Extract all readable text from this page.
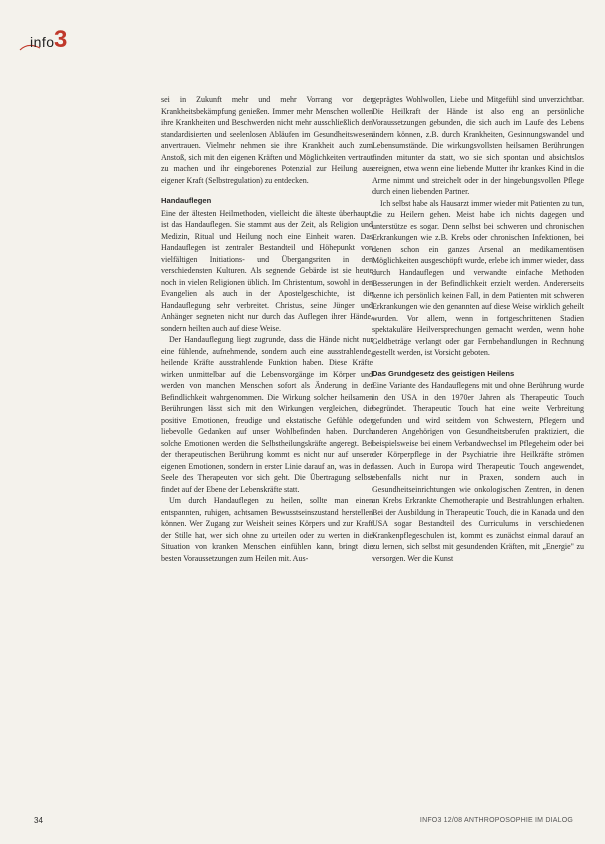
info 3

sei in Zukunft mehr und mehr Vorrang vor der Krankheitsbekämpfung genießen. Immer mehr Menschen wollen ihre Krankheiten und Beschwerden nicht mehr ausschließlich den standardisierten und seelenlosen Abläufen im Gesundheitswesen anvertrauen. Vielmehr nehmen sie ihre Krankheit auch zum Anstoß, sich mit den eigenen Kräften und Möglichkeiten vertraut zu machen und ihr eingeborenes Potenzial zur Heilung aus eigener Kraft (Selbstregulation) zu entdecken.

Handauflegen

Eine der ältesten Heilmethoden, vielleicht die älteste überhaupt, ist das Handauflegen. Sie stammt aus der Zeit, als Religion und Medizin, Ritual und Heilung noch eine Einheit waren. Das Handauflegen ist zentraler Bestandteil und Höhepunkt von vielfältigen Initiations- und Übergangsriten in den verschiedensten Kulturen. Als segnende Gebärde ist sie heute noch in vielen Religionen üblich. Im Christentum, sowohl in den Evangelien als auch in der Apostelgeschichte, ist die Handauflegung sehr verbreitet. Christus, seine Jünger und Anhänger segneten nicht nur durch das Auflegen ihrer Hände, sondern heilten auch auf diese Weise.

Der Handauflegung liegt zugrunde, dass die Hände nicht nur eine fühlende, aufnehmende, sondern auch eine ausstrahlende, heilende Kräfte ausstrahlende Funktion haben. Diese Kräfte wirken unmittelbar auf die Lebensvorgänge im Körper und werden von manchen Menschen sofort als Änderung in der Befindlichkeit wahrgenommen. Die Wirkung solcher heilsamen Berührungen lässt sich mit den Wirkungen vergleichen, die positive Emotionen, freudige und ekstatische Gefühle oder liebevolle Gedanken auf unser Wohlbefinden haben. Durch solche Emotionen werden die Selbstheilungskräfte angeregt. Bei der therapeutischen Berührung kommt es nicht nur auf unsere eigenen Emotionen, sondern in erster Linie darauf an, was in der Seele des Therapeuten vor sich geht. Die Übertragung selbst findet auf der Ebene der Lebenskräfte statt.

Um durch Handauflegen zu heilen, sollte man einen entspannten, ruhigen, achtsamen Bewusstseinszustand herstellen können. Wer Zugang zur Weisheit seines Körpers und zur Kraft der Stille hat, wer sich ohne zu urteilen oder zu werten in die Situation von kranken Menschen einfühlen kann, bringt die besten Voraussetzungen zum Heilen mit. Aus-

geprägtes Wohlwollen, Liebe und Mitgefühl sind unverzichtbar. Die Heilkraft der Hände ist also eng an persönliche Voraussetzungen gebunden, die sich auch im Laufe des Lebens ändern können, z.B. durch Krankheiten, Gesinnungswandel und Lebensumstände. Die wirkungsvollsten heilsamen Berührungen finden mitunter da statt, wo sie sich spontan und absichtslos ereignen, etwa wenn eine liebende Mutter ihr krankes Kind in die Arme nimmt und streichelt oder in der hingebungsvollen Pflege durch einen liebenden Partner.

Ich selbst habe als Hausarzt immer wieder mit Patienten zu tun, die zu Heilern gehen. Meist habe ich nichts dagegen und unterstütze es sogar. Denn selbst bei schweren und chronischen Erkrankungen wie z.B. Krebs oder chronischen Infektionen, bei denen schon ein ganzes Arsenal an medikamentösen Möglichkeiten ausgeschöpft wurde, erlebe ich immer wieder, dass durch Handauflegen und verwandte einfache Methoden Besserungen in der Befindlichkeit erzielt werden. Andererseits kenne ich persönlich keinen Fall, in dem Patienten mit schweren Erkrankungen wie den genannten auf diese Weise wirklich geheilt wurden. Vor allem, wenn in fortgeschrittenen Stadien spektakuläre Heilversprechungen gemacht werden, wenn hohe Geldbeträge verlangt oder gar Fernbehandlungen in Rechnung gestellt werden, ist Vorsicht geboten.

Das Grundgesetz des geistigen Heilens

Eine Variante des Handauflegens mit und ohne Berührung wurde in den USA in den 1970er Jahren als Therapeutic Touch begründet. Therapeutic Touch hat eine weite Verbreitung gefunden und wird seitdem von Schwestern, Pflegern und anderen Angehörigen von Gesundheitsberufen praktiziert, die beispielsweise bei einem Verbandwechsel im Pflegeheim oder bei der Körperpflege in der Psychiatrie ihre Heilkräfte strömen lassen. Auch in Europa wird Therapeutic Touch angewendet, ebenfalls nicht nur in Praxen, sondern auch in Gesundheitseinrichtungen wie onkologischen Zentren, in denen an Krebs Erkrankte Chemotherapie und Bestrahlungen erhalten. Bei der Ausbildung in Therapeutic Touch, die in Kanada und den USA sogar Bestandteil des Curriculums in verschiedenen Krankenpflegeschulen ist, kommt es zunächst einmal darauf an zu lernen, sich selbst mit gesundenden Kräften, mit „Energie" zu versorgen. Wer die Kunst

34	INFO3 12/08 ANTHROPOSOPHIE IM DIALOG
